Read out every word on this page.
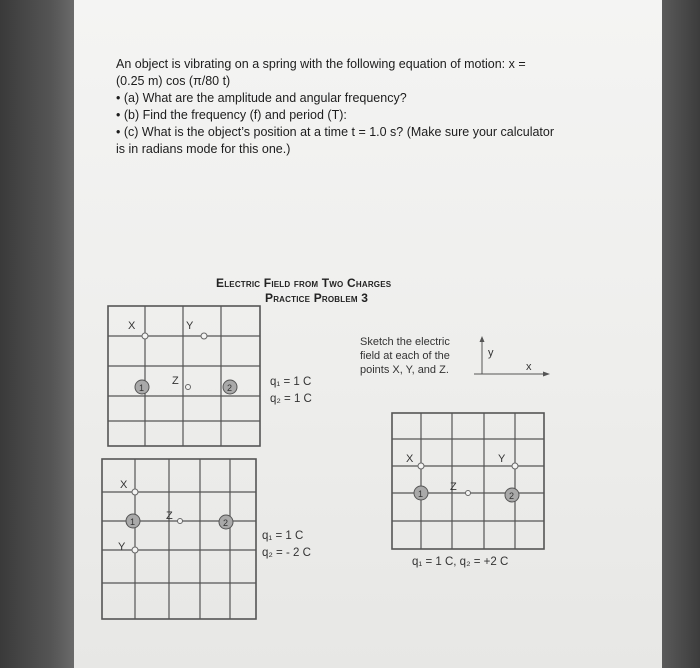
An object is vibrating on a spring with the following equation of motion: x =
(0.25 m) cos (π/80 t)
• (a) What are the amplitude and angular frequency?
• (b) Find the frequency (f) and period (T):
• (c) What is the object’s position at a time t = 1.0 s? (Make sure your calculator
is in radians mode for this one.)
Electric Field from Two Charges
Practice Problem 3
X	Y
1
Z
2	q₁ = 1 C
q₂ = 1 C
X
1	Z
2
Y
q₁ = 1 C
q₂ = - 2 C
Sketch the electric field at each of the points X, Y, and Z.
y
x
X	Y
1
Z
2
q₁ = 1 C, q₂ = +2 C
